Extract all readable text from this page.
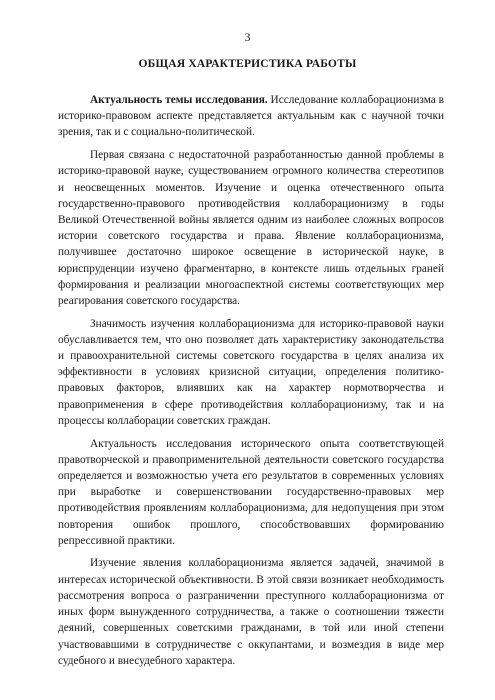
3
ОБЩАЯ ХАРАКТЕРИСТИКА РАБОТЫ

Актуальность темы исследования. Исследование коллаборационизма в историко-правовом аспекте представляется актуальным как с научной точки зрения, так и с социально-политической.

Первая связана с недостаточной разработанностью данной проблемы в историко-правовой науке, существованием огромного количества стереотипов и неосвещенных моментов. Изучение и оценка отечественного опыта государственно-правового противодействия коллаборационизму в годы Великой Отечественной войны является одним из наиболее сложных вопросов истории советского государства и права. Явление коллаборационизма, получившее достаточно широкое освещение в исторической науке, в юриспруденции изучено фрагментарно, в контексте лишь отдельных граней формирования и реализации многоаспектной системы соответствующих мер реагирования советского государства.

Значимость изучения коллаборационизма для историко-правовой науки обуславливается тем, что оно позволяет дать характеристику законодательства и правоохранительной системы советского государства в целях анализа их эффективности в условиях кризисной ситуации, определения политико-правовых факторов, влиявших как на характер нормотворчества и правоприменения в сфере противодействия коллаборационизму, так и на процессы коллаборации советских граждан.

Актуальность исследования исторического опыта соответствующей правотворческой и правоприменительной деятельности советского государства определяется и возможностью учета его результатов в современных условиях при выработке и совершенствовании государственно-правовых мер противодействия проявлениям коллаборационизма, для недопущения при этом повторения ошибок прошлого, способствовавших формированию репрессивной практики.

Изучение явления коллаборационизма является задачей, значимой в интересах исторической объективности. В этой связи возникает необходимость рассмотрения вопроса о разграничении преступного коллаборационизма от иных форм вынужденного сотрудничества, а также о соотношении тяжести деяний, совершенных советскими гражданами, в той или иной степени участвовавшими в сотрудничестве с оккупантами, и возмездия в виде мер судебного и внесудебного характера.
